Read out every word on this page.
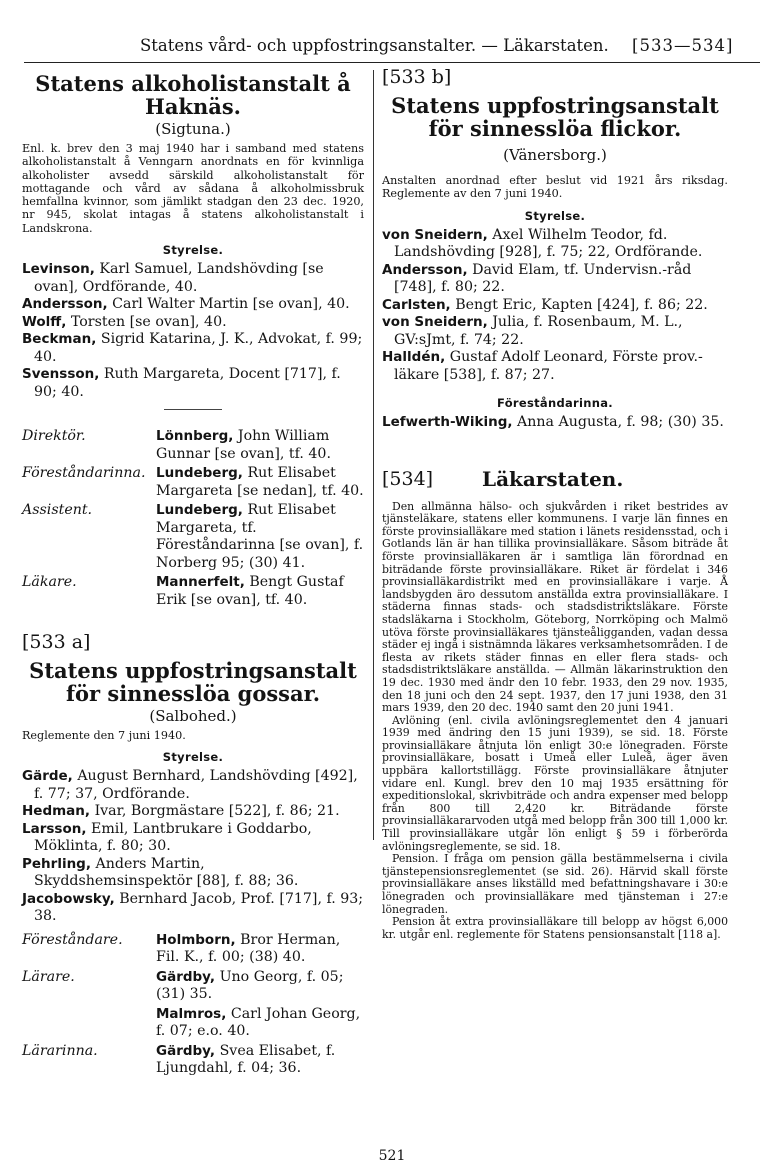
Statens vård- och uppfostringsanstalter. — Läkarstaten. [533—534]
Statens alkoholistanstalt å Haknäs.
(Sigtuna.)

Enl. k. brev den 3 maj 1940 har i samband med statens alkoholistanstalt å Venngarn anordnats en för kvinnliga alkoholister avsedd särskild alkoholistanstalt för mottagande och vård av sådana å alkoholmissbruk hemfallna kvinnor, som jämlikt stadgan den 23 dec. 1920, nr 945, skolat intagas å statens alkoholistanstalt i Landskrona.

Styrelse.

Levinson, Karl Samuel, Landshövding [se ovan], Ordförande, 40.

Andersson, Carl Walter Martin [se ovan], 40.

Wolff, Torsten [se ovan], 40.

Beckman, Sigrid Katarina, J. K., Advokat, f. 99; 40.

Svensson, Ruth Margareta, Docent [717], f. 90; 40.

Direktör.	Lönnberg, John William Gunnar [se ovan], tf. 40.
Föreståndarinna. Lundeberg, Rut Elisabet Margareta [se nedan], tf. 40.
Assistent.	Lundeberg, Rut Elisabet Margareta, tf. Föreståndarinna [se ovan], f. Norberg 95; (30) 41.
Läkare.	Mannerfelt, Bengt Gustaf Erik [se ovan], tf. 40.

[533 a]

Statens uppfostringsanstalt för sinnesslöa gossar.
(Salbohed.)

Reglemente den 7 juni 1940.

Styrelse.

Gärde, August Bernhard, Landshövding [492], f. 77; 37, Ordförande.

Hedman, Ivar, Borgmästare [522], f. 86; 21.

Larsson, Emil, Lantbrukare i Goddarbo, Möklinta, f. 80; 30.

Pehrling, Anders Martin, Skyddshemsinspektör [88], f. 88; 36.

Jacobowsky, Bernhard Jacob, Prof. [717], f. 93; 38.

Föreståndare.	Holmborn, Bror Herman, Fil. K., f. 00; (38) 40.
Lärare.	Gärdby, Uno Georg, f. 05; (31) 35.
Malmros, Carl Johan Georg, f. 07; e.o. 40.
Lärarinna.	Gärdby, Svea Elisabet, f. Ljungdahl, f. 04; 36.

[533 b]

Statens uppfostringsanstalt för sinnesslöa flickor.
(Vänersborg.)

Anstalten anordnad efter beslut vid 1921 års riksdag. Reglemente av den 7 juni 1940.

Styrelse.

von Sneidern, Axel Wilhelm Teodor, fd. Landshövding [928], f. 75; 22, Ordförande.

Andersson, David Elam, tf. Undervisn.-råd [748], f. 80; 22.

Carlsten, Bengt Eric, Kapten [424], f. 86; 22.

von Sneidern, Julia, f. Rosenbaum, M. L., GV:sJmt, f. 74; 22.

Halldén, Gustaf Adolf Leonard, Förste prov.-läkare [538], f. 87; 27.

Föreståndarinna.

Lefwerth-Wiking, Anna Augusta, f. 98; (30) 35.

[534]	Läkarstaten.

Den allmänna hälso- och sjukvården i riket bestrides av tjänsteläkare, statens eller kommunens. I varje län finnes en förste provinsialläkare med station i länets residensstad, och i Gotlands län är han tillika provinsialläkare. Såsom biträde åt förste provinsialläkaren är i samtliga län förordnad en biträdande förste provinsialläkare. Riket är fördelat i 346 provinsialläkardistrikt med en provinsialläkare i varje. Å landsbygden äro dessutom anställda extra provinsialläkare. I städerna finnas stads- och stadsdistriktsläkare. Förste stadsläkarna i Stockholm, Göteborg, Norrköping och Malmö utöva förste provinsialläkares tjänsteåligganden, vadan dessa städer ej ingå i sistnämnda läkares verksamhetsområden. I de flesta av rikets städer finnas en eller flera stads- och stadsdistriktsläkare anställda. — Allmän läkarinstruktion den 19 dec. 1930 med ändr den 10 febr. 1933, den 29 nov. 1935, den 18 juni och den 24 sept. 1937, den 17 juni 1938, den 31 mars 1939, den 20 dec. 1940 samt den 20 juni 1941.

Avlöning (enl. civila avlöningsreglementet den 4 januari 1939 med ändring den 15 juni 1939), se sid. 18. Förste provinsialläkare åtnjuta lön enligt 30:e lönegraden. Förste provinsialläkare, bosatt i Umeå eller Luleå, äger även uppbära kallortstillägg. Förste provinsialläkare åtnjuter vidare enl. Kungl. brev den 10 maj 1935 ersättning för expeditionslokal, skrivbiträde och andra expenser med belopp från 800 till 2,420 kr. Biträdande förste provinsialläkararvoden utgå med belopp från 300 till 1,000 kr. Till provinsialläkare utgår lön enligt § 59 i förberörda avlöningsreglemente, se sid. 18.

Pension. I fråga om pension gälla bestämmelserna i civila tjänstepensionsreglementet (se sid. 26). Härvid skall förste provinsialläkare anses likställd med befattningshavare i 30:e lönegraden och provinsialläkare med tjänsteman i 27:e lönegraden.

Pension åt extra provinsialläkare till belopp av högst 6,000 kr. utgår enl. reglemente för Statens pensionsanstalt [118 a].

521
